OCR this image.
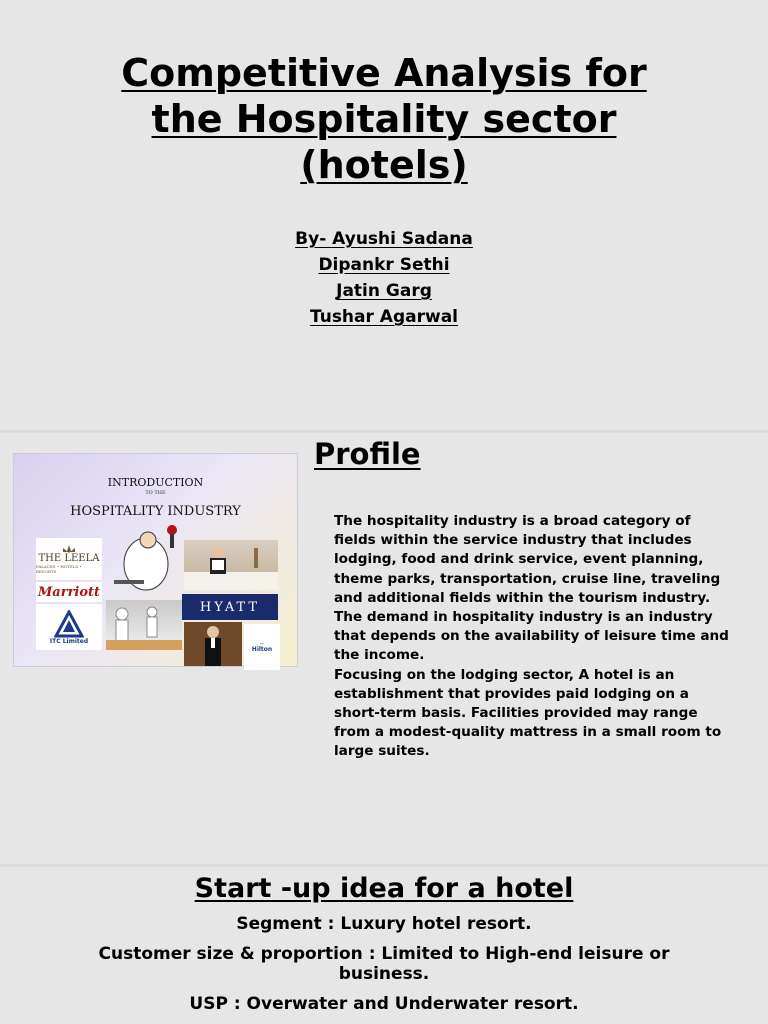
Competitive Analysis for
the Hospitality sector
(hotels)
By- Ayushi Sadana
Dipankr Sethi
Jatin Garg
Tushar Agarwal
INTRODUCTION
TO THE
HOSPITALITY INDUSTRY
THE LEELA
PALACES • HOTELS • RESORTS
Marriott
ITC Limited
HYATT
—
Hilton
Profile

The hospitality industry is a broad category of fields within the service industry that includes lodging, food and drink service, event planning, theme parks, transportation, cruise line, traveling and additional fields within the tourism industry.

The demand in hospitality industry is an industry that depends on the availability of leisure time and the income.

Focusing on the lodging sector, A hotel is an establishment that provides paid lodging on a short-term basis. Facilities provided may range from a modest-quality mattress in a small room to large suites.

Start -up idea for a hotel
Segment : Luxury hotel resort.
Customer size & proportion : Limited to High-end leisure or business.
USP : Overwater and Underwater resort.
